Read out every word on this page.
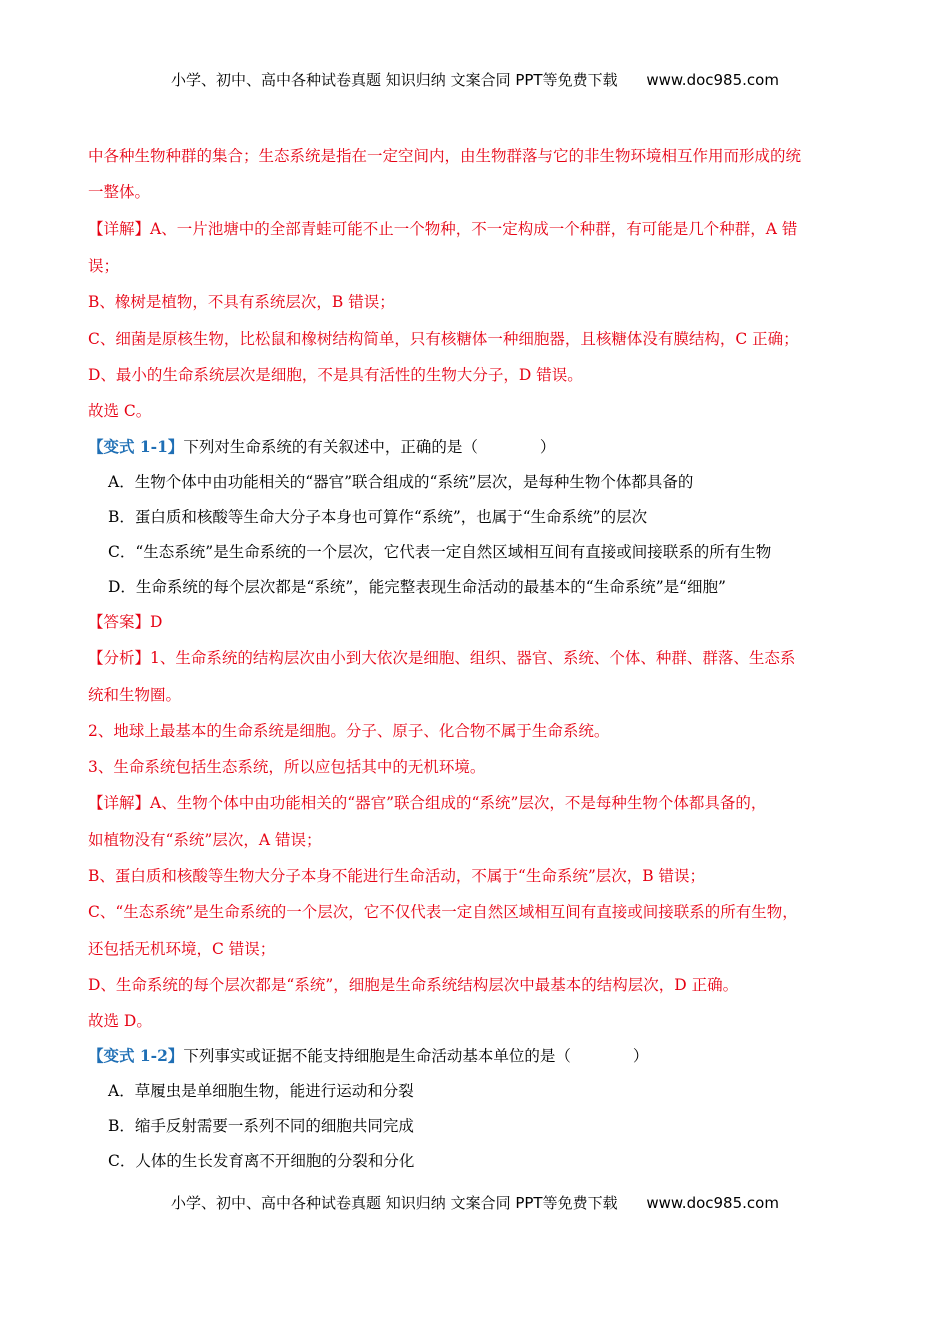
小学、初中、高中各种试卷真题 知识归纳 文案合同 PPT等免费下载 www.doc985.com
中各种生物种群的集合；生态系统是指在一定空间内，由生物群落与它的非生物环境相互作用而形成的统
一整体。
【详解】A、一片池塘中的全部青蛙可能不止一个物种，不一定构成一个种群，有可能是几个种群，A 错
误；
B、橡树是植物，不具有系统层次，B 错误；
C、细菌是原核生物，比松鼠和橡树结构简单，只有核糖体一种细胞器，且核糖体没有膜结构，C 正确；
D、最小的生命系统层次是细胞，不是具有活性的生物大分子，D 错误。
故选 C。
【变式 1-1】下列对生命系统的有关叙述中，正确的是（　　　　）
A．生物个体中由功能相关的“器官”联合组成的“系统”层次，是每种生物个体都具备的
B．蛋白质和核酸等生命大分子本身也可算作“系统”，也属于“生命系统”的层次
C．“生态系统”是生命系统的一个层次，它代表一定自然区域相互间有直接或间接联系的所有生物
D．生命系统的每个层次都是“系统”，能完整表现生命活动的最基本的“生命系统”是“细胞”
【答案】D
【分析】1、生命系统的结构层次由小到大依次是细胞、组织、器官、系统、个体、种群、群落、生态系
统和生物圈。
2、地球上最基本的生命系统是细胞。分子、原子、化合物不属于生命系统。
3、生命系统包括生态系统，所以应包括其中的无机环境。
【详解】A、生物个体中由功能相关的“器官”联合组成的“系统”层次，不是每种生物个体都具备的，
如植物没有“系统”层次，A 错误；
B、蛋白质和核酸等生物大分子本身不能进行生命活动，不属于“生命系统”层次，B 错误；
C、“生态系统”是生命系统的一个层次，它不仅代表一定自然区域相互间有直接或间接联系的所有生物，
还包括无机环境，C 错误；
D、生命系统的每个层次都是“系统”，细胞是生命系统结构层次中最基本的结构层次，D 正确。
故选 D。
【变式 1-2】下列事实或证据不能支持细胞是生命活动基本单位的是（　　　　）
A．草履虫是单细胞生物，能进行运动和分裂
B．缩手反射需要一系列不同的细胞共同完成
C．人体的生长发育离不开细胞的分裂和分化
小学、初中、高中各种试卷真题 知识归纳 文案合同 PPT等免费下载 www.doc985.com
